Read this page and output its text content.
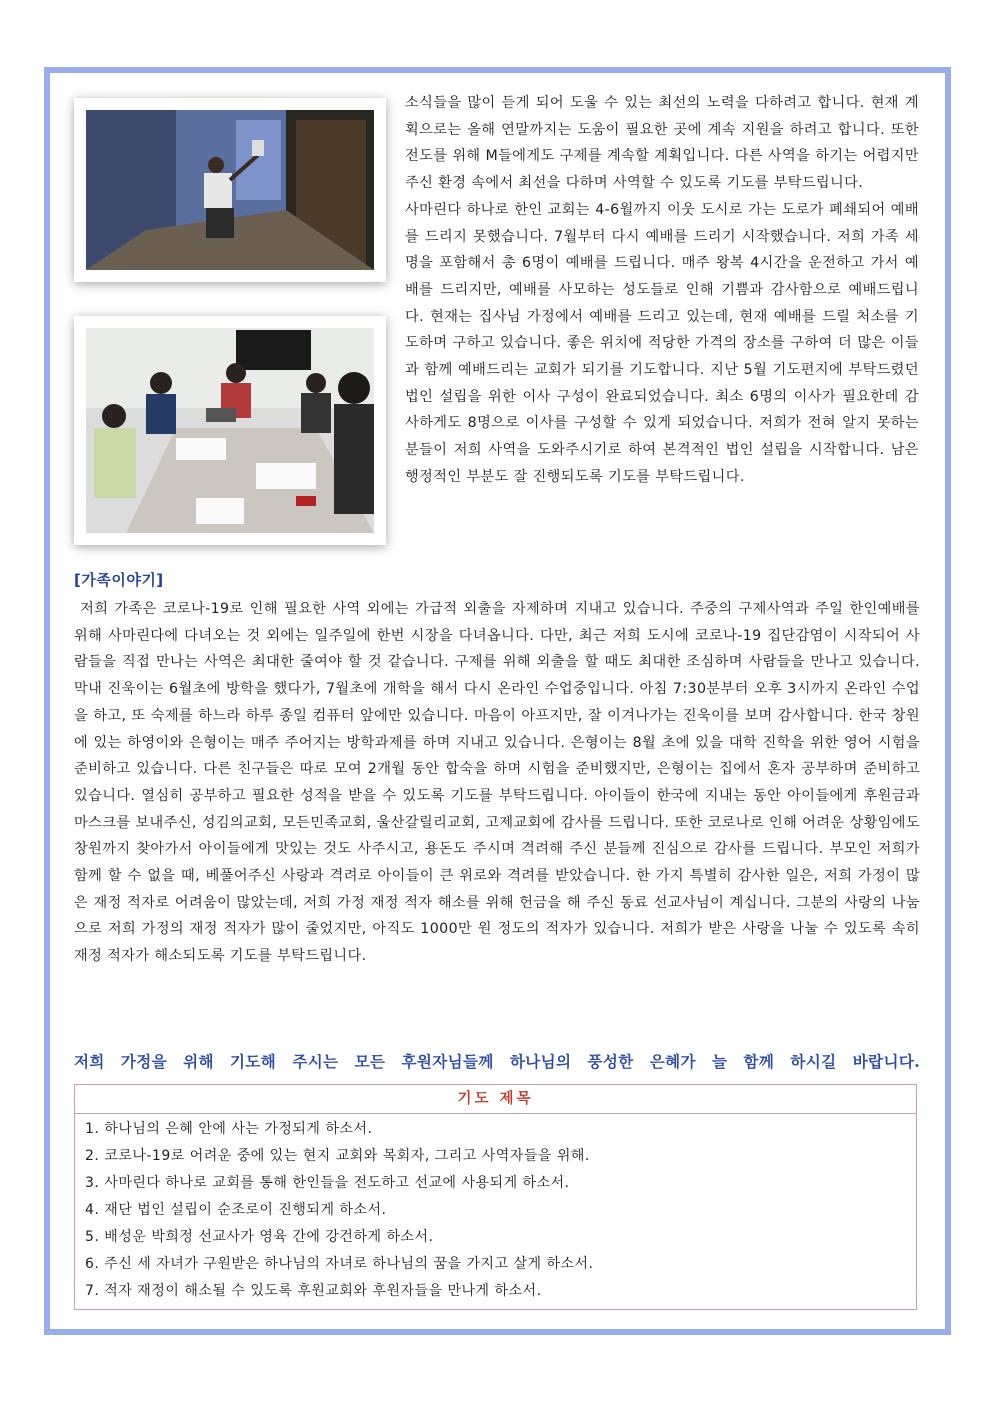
소식들을 많이 듣게 되어 도울 수 있는 최선의 노력을 다하려고 합니다. 현재 계획으로는 올해 연말까지는 도움이 필요한 곳에 계속 지원을 하려고 합니다. 또한 전도를 위해 M들에게도 구제를 계속할 계획입니다. 다른 사역을 하기는 어렵지만 주신 환경 속에서 최선을 다하며 사역할 수 있도록 기도를 부탁드립니다.
사마린다 하나로 한인 교회는 4-6월까지 이웃 도시로 가는 도로가 폐쇄되어 예배를 드리지 못했습니다. 7월부터 다시 예배를 드리기 시작했습니다. 저희 가족 세 명을 포함해서 총 6명이 예배를 드립니다. 매주 왕복 4시간을 운전하고 가서 예배를 드리지만, 예배를 사모하는 성도들로 인해 기쁨과 감사함으로 예배드립니다. 현재는 집사님 가정에서 예배를 드리고 있는데, 현재 예배를 드릴 처소를 기도하며 구하고 있습니다. 좋은 위치에 적당한 가격의 장소를 구하여 더 많은 이들과 함께 예배드리는 교회가 되기를 기도합니다. 지난 5월 기도편지에 부탁드렸던 법인 설립을 위한 이사 구성이 완료되었습니다. 최소 6명의 이사가 필요한데 감사하게도 8명으로 이사를 구성할 수 있게 되었습니다. 저희가 전혀 알지 못하는 분들이 저희 사역을 도와주시기로 하여 본격적인 법인 설립을 시작합니다. 남은 행정적인 부분도 잘 진행되도록 기도를 부탁드립니다.
[가족이야기]
저희 가족은 코로나-19로 인해 필요한 사역 외에는 가급적 외출을 자제하며 지내고 있습니다. 주중의 구제사역과 주일 한인예배를 위해 사마린다에 다녀오는 것 외에는 일주일에 한번 시장을 다녀옵니다. 다만, 최근 저희 도시에 코로나-19 집단감염이 시작되어 사람들을 직접 만나는 사역은 최대한 줄여야 할 것 같습니다. 구제를 위해 외출을 할 때도 최대한 조심하며 사람들을 만나고 있습니다. 막내 진욱이는 6월초에 방학을 했다가, 7월초에 개학을 해서 다시 온라인 수업중입니다. 아침 7:30분부터 오후 3시까지 온라인 수업을 하고, 또 숙제를 하느라 하루 종일 컴퓨터 앞에만 있습니다. 마음이 아프지만, 잘 이겨나가는 진욱이를 보며 감사합니다. 한국 창원에 있는 하영이와 은형이는 매주 주어지는 방학과제를 하며 지내고 있습니다. 은형이는 8월 초에 있을 대학 진학을 위한 영어 시험을 준비하고 있습니다. 다른 친구들은 따로 모여 2개월 동안 합숙을 하며 시험을 준비했지만, 은형이는 집에서 혼자 공부하며 준비하고 있습니다. 열심히 공부하고 필요한 성적을 받을 수 있도록 기도를 부탁드립니다. 아이들이 한국에 지내는 동안 아이들에게 후원금과 마스크를 보내주신, 성김의교회, 모든민족교회, 울산갈릴리교회, 고제교회에 감사를 드립니다. 또한 코로나로 인해 어려운 상황임에도 창원까지 찾아가서 아이들에게 맛있는 것도 사주시고, 용돈도 주시며 격려해 주신 분들께 진심으로 감사를 드립니다. 부모인 저희가 함께 할 수 없을 때, 베풀어주신 사랑과 격려로 아이들이 큰 위로와 격려를 받았습니다. 한 가지 특별히 감사한 일은, 저희 가정이 많은 재정 적자로 어려움이 많았는데, 저희 가정 재정 적자 해소를 위해 헌금을 해 주신 동료 선교사님이 계십니다. 그분의 사랑의 나눔으로 저희 가정의 재정 적자가 많이 줄었지만, 아직도 1000만 원 정도의 적자가 있습니다. 저희가 받은 사랑을 나눌 수 있도록 속히 재정 적자가 해소되도록 기도를 부탁드립니다.
저희 가정을 위해 기도해 주시는 모든 후원자님들께 하나님의 풍성한 은혜가 늘 함께 하시길 바랍니다.
기도 제목
1. 하나님의 은혜 안에 사는 가정되게 하소서.
2. 코로나-19로 어려운 중에 있는 현지 교회와 목회자, 그리고 사역자들을 위해.
3. 사마린다 하나로 교회를 통해 한인들을 전도하고 선교에 사용되게 하소서.
4. 재단 법인 설립이 순조로이 진행되게 하소서.
5. 배성운 박희정 선교사가 영육 간에 강건하게 하소서.
6. 주신 세 자녀가 구원받은 하나님의 자녀로 하나님의 꿈을 가지고 살게 하소서.
7. 적자 재정이 해소될 수 있도록 후원교회와 후원자들을 만나게 하소서.
